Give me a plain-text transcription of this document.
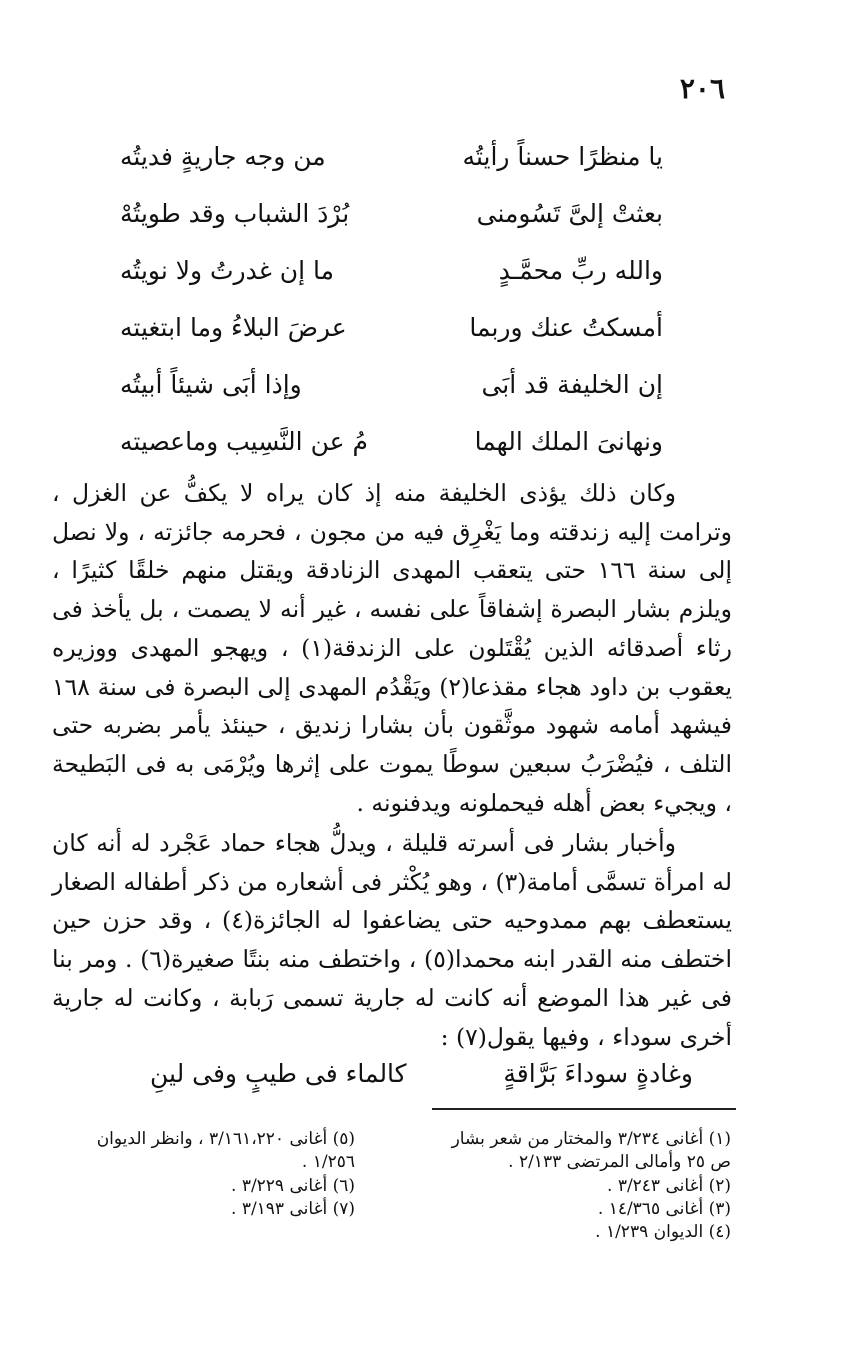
٢٠٦
يا منظرًا حسناً رأيتُه
من وجه جاريةٍ فديتُه
بعثتْ إلىَّ تَسُومنى
بُرْدَ الشباب وقد طويتُهْ
والله ربِّ محمَّـدٍ
ما إن غدرتُ ولا نويتُه
أمسكتُ عنك وربما
عرضَ البلاءُ وما ابتغيته
إن الخليفة قد أبَى
وإذا أبَى شيئاً أبيتُه
ونهانىَ الملك الهما
مُ عن النَّسِيب وماعصيته

وكان ذلك يؤذى الخليفة منه إذ كان يراه لا يكفُّ عن الغزل ، وترامت إليه زندقته وما يَغْرِق فيه من مجون ، فحرمه جائزته ، ولا نصل إلى سنة ١٦٦ حتى يتعقب المهدى الزنادقة ويقتل منهم خلقًا كثيرًا ، ويلزم بشار البصرة إشفاقاً على نفسه ، غير أنه لا يصمت ، بل يأخذ فى رثاء أصدقائه الذين يُقْتَلون على الزندقة(١) ، ويهجو المهدى ووزيره يعقوب بن داود هجاء مقذعا(٢) ويَقْدُم المهدى إلى البصرة فى سنة ١٦٨ فيشهد أمامه شهود موثَّقون بأن بشارا زنديق ، حينئذ يأمر بضربه حتى التلف ، فيُضْرَبُ سبعين سوطًا يموت على إثرها ويُرْمَى به فى البَطيحة ، ويجيء بعض أهله فيحملونه ويدفنونه .

وأخبار بشار فى أسرته قليلة ، ويدلُّ هجاء حماد عَجْرد له أنه كان له امرأة تسمَّى أمامة(٣) ، وهو يُكْثر فى أشعاره من ذكر أطفاله الصغار يستعطف بهم ممدوحيه حتى يضاعفوا له الجائزة(٤) ، وقد حزن حين اختطف منه القدر ابنه محمدا(٥) ، واختطف منه بنتًا صغيرة(٦) . ومر بنا فى غير هذا الموضع أنه كانت له جارية تسمى رَبابة ، وكانت له جارية أخرى سوداء ، وفيها يقول(٧) :

وغادةٍ سوداءَ بَرَّاقةٍ
كالماء فى طيبٍ وفى لينِ
(١) أغانى ٣/٢٣٤ والمختار من شعر بشار
ص ٢٥ وأمالى المرتضى ٢/١٣٣ .
(٢) أغانى ٣/٢٤٣ .
(٣) أغانى ١٤/٣٦٥ .
(٤) الديوان ١/٢٣٩ .
(٥) أغانى ٣/١٦١،٢٢٠ ، وانظر الديوان
١/٢٥٦ .
(٦) أغانى ٣/٢٢٩ .
(٧) أغانى ٣/١٩٣ .
